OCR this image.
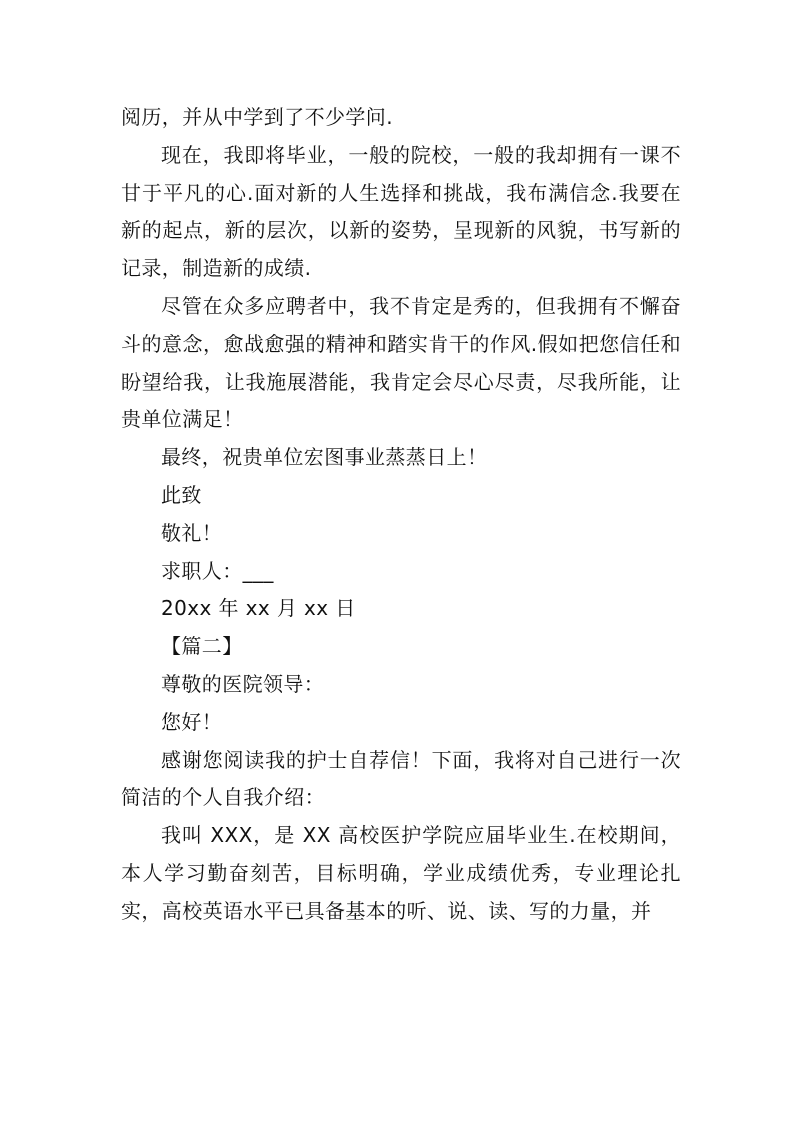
阅历，并从中学到了不少学问.

现在，我即将毕业，一般的院校，一般的我却拥有一课不甘于平凡的心.面对新的人生选择和挑战，我布满信念.我要在新的起点，新的层次，以新的姿势，呈现新的风貌，书写新的记录，制造新的成绩.

尽管在众多应聘者中，我不肯定是秀的，但我拥有不懈奋斗的意念，愈战愈强的精神和踏实肯干的作风.假如把您信任和盼望给我，让我施展潜能，我肯定会尽心尽责，尽我所能，让贵单位满足！

最终，祝贵单位宏图事业蒸蒸日上！

此致

敬礼！

求职人：___

20xx 年 xx 月 xx 日

【篇二】

尊敬的医院领导：

您好！

感谢您阅读我的护士自荐信！下面，我将对自己进行一次简洁的个人自我介绍：

我叫 XXX，是 XX 高校医护学院应届毕业生.在校期间，本人学习勤奋刻苦，目标明确，学业成绩优秀，专业理论扎实，高校英语水平已具备基本的听、说、读、写的力量，并
